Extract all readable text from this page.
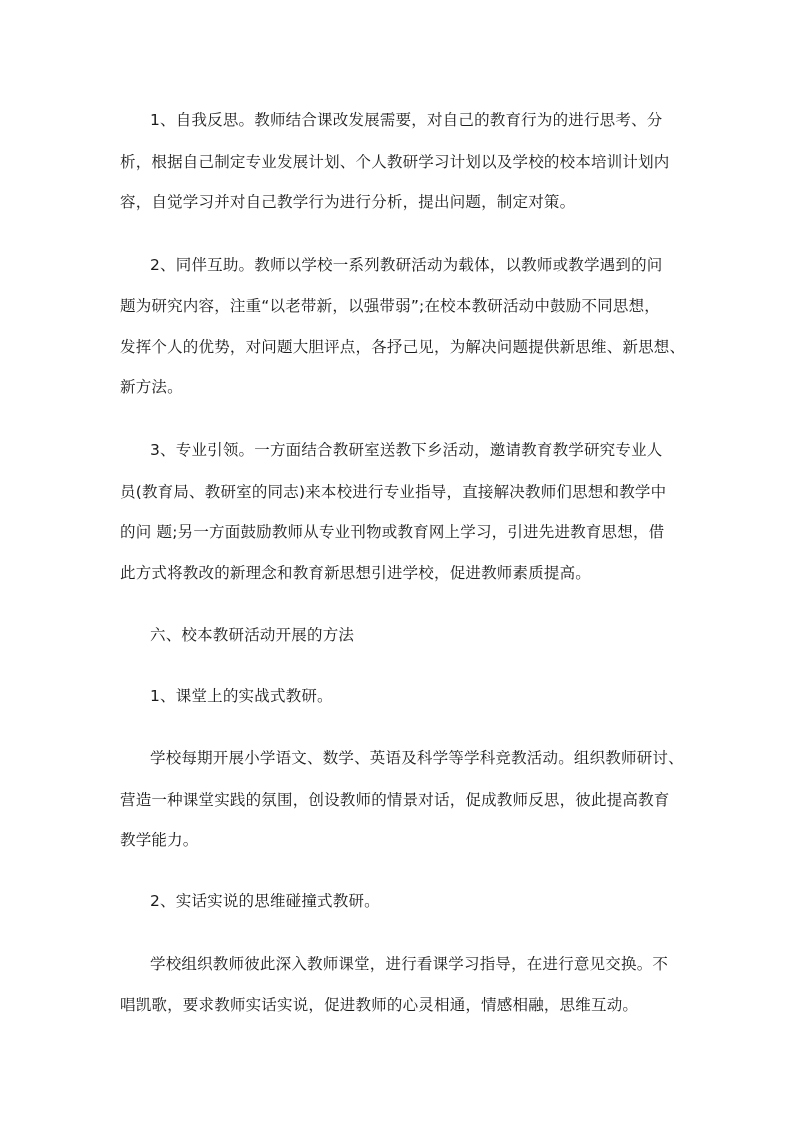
1、自我反思。教师结合课改发展需要，对自己的教育行为的进行思考、分
析，根据自己制定专业发展计划、个人教研学习计划以及学校的校本培训计划内
容，自觉学习并对自己教学行为进行分析，提出问题，制定对策。
2、同伴互助。教师以学校一系列教研活动为载体，以教师或教学遇到的问
题为研究内容，注重“以老带新，以强带弱”;在校本教研活动中鼓励不同思想，
发挥个人的优势，对问题大胆评点，各抒己见，为解决问题提供新思维、新思想、
新方法。
3、专业引领。一方面结合教研室送教下乡活动，邀请教育教学研究专业人
员(教育局、教研室的同志)来本校进行专业指导，直接解决教师们思想和教学中
的问 题;另一方面鼓励教师从专业刊物或教育网上学习，引进先进教育思想，借
此方式将教改的新理念和教育新思想引进学校，促进教师素质提高。
六、校本教研活动开展的方法
1、课堂上的实战式教研。
学校每期开展小学语文、数学、英语及科学等学科竞教活动。组织教师研讨、
营造一种课堂实践的氛围，创设教师的情景对话，促成教师反思，彼此提高教育
教学能力。
2、实话实说的思维碰撞式教研。
学校组织教师彼此深入教师课堂，进行看课学习指导，在进行意见交换。不
唱凯歌，要求教师实话实说，促进教师的心灵相通，情感相融，思维互动。
